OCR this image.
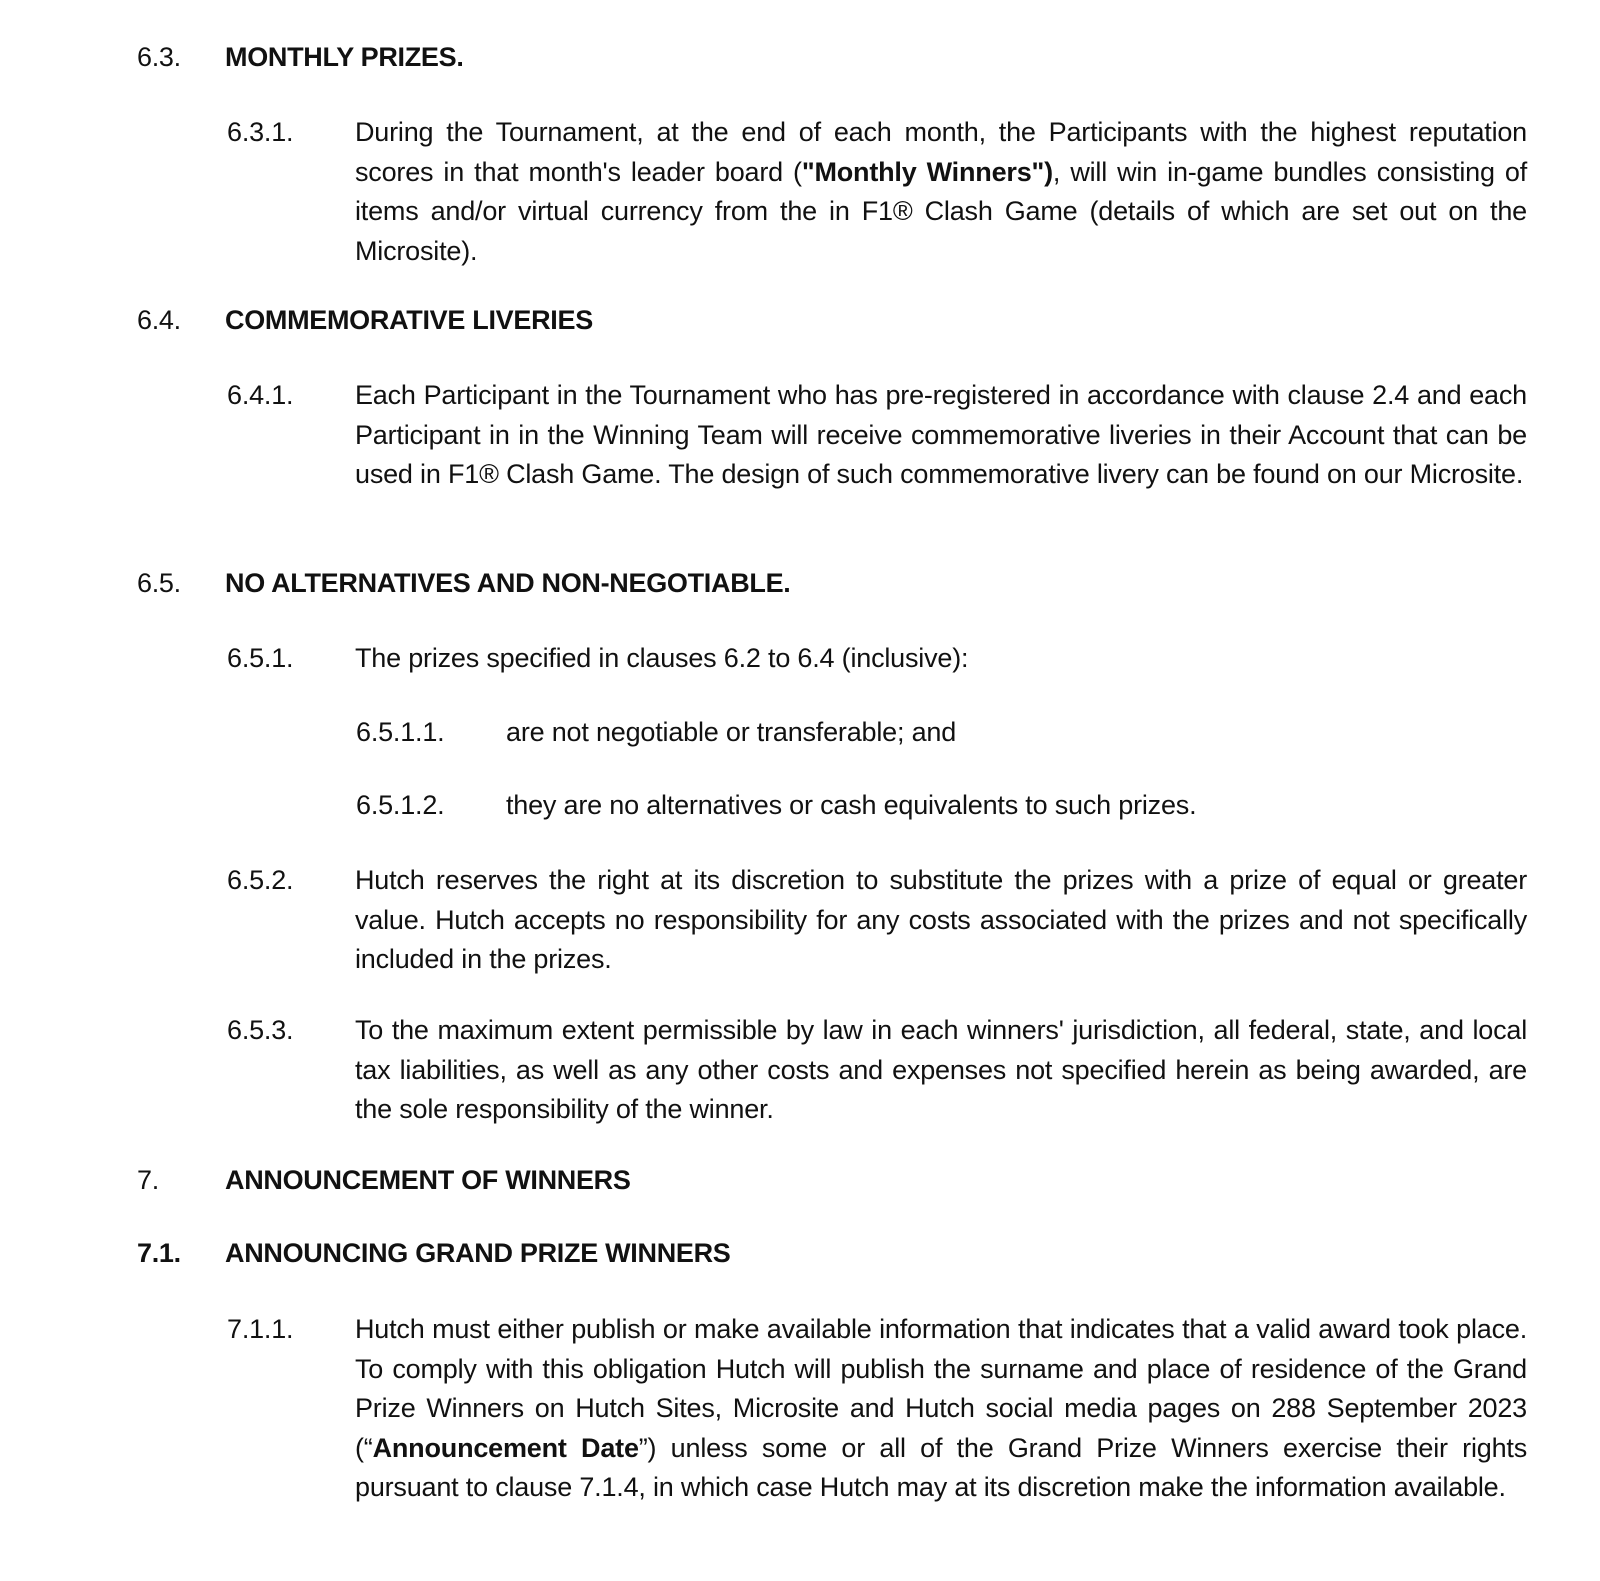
6.3. MONTHLY PRIZES.
6.3.1. During the Tournament, at the end of each month, the Participants with the highest reputation scores in that month's leader board ("Monthly Winners"), will win in-game bundles consisting of items and/or virtual currency from the in F1® Clash Game (details of which are set out on the Microsite).
6.4. COMMEMORATIVE LIVERIES
6.4.1. Each Participant in the Tournament who has pre-registered in accordance with clause 2.4 and each Participant in in the Winning Team will receive commemorative liveries in their Account that can be used in F1® Clash Game. The design of such commemorative livery can be found on our Microsite.
6.5. NO ALTERNATIVES AND NON-NEGOTIABLE.
6.5.1. The prizes specified in clauses 6.2 to 6.4 (inclusive):
6.5.1.1. are not negotiable or transferable; and
6.5.1.2. they are no alternatives or cash equivalents to such prizes.
6.5.2. Hutch reserves the right at its discretion to substitute the prizes with a prize of equal or greater value. Hutch accepts no responsibility for any costs associated with the prizes and not specifically included in the prizes.
6.5.3. To the maximum extent permissible by law in each winners' jurisdiction, all federal, state, and local tax liabilities, as well as any other costs and expenses not specified herein as being awarded, are the sole responsibility of the winner.
7. ANNOUNCEMENT OF WINNERS
7.1. ANNOUNCING GRAND PRIZE WINNERS
7.1.1. Hutch must either publish or make available information that indicates that a valid award took place. To comply with this obligation Hutch will publish the surname and place of residence of the Grand Prize Winners on Hutch Sites, Microsite and Hutch social media pages on 288 September 2023 (“Announcement Date”) unless some or all of the Grand Prize Winners exercise their rights pursuant to clause 7.1.4, in which case Hutch may at its discretion make the information available.
